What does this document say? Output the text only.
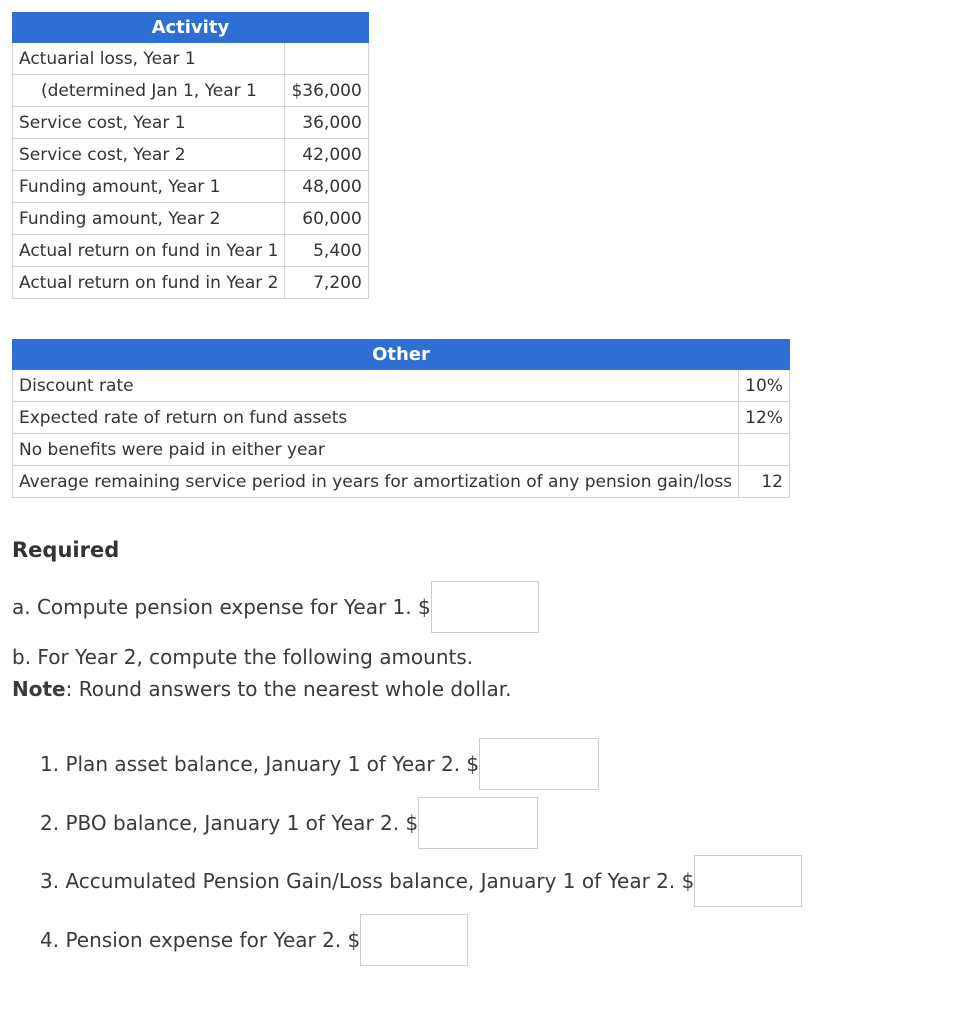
Activity	
Actuarial loss, Year 1	
(determined Jan 1, Year 1	$36,000
Service cost, Year 1	36,000
Service cost, Year 2	42,000
Funding amount, Year 1	48,000
Funding amount, Year 2	60,000
Actual return on fund in Year 1	5,400
Actual return on fund in Year 2	7,200
Other	
Discount rate	10%
Expected rate of return on fund assets	12%
No benefits were paid in either year	
Average remaining service period in years for amortization of any pension gain/loss	12
Required
a. Compute pension expense for Year 1. $
b. For Year 2, compute the following amounts.
Note: Round answers to the nearest whole dollar.
1. Plan asset balance, January 1 of Year 2. $
2. PBO balance, January 1 of Year 2. $
3. Accumulated Pension Gain/Loss balance, January 1 of Year 2. $
4. Pension expense for Year 2. $
